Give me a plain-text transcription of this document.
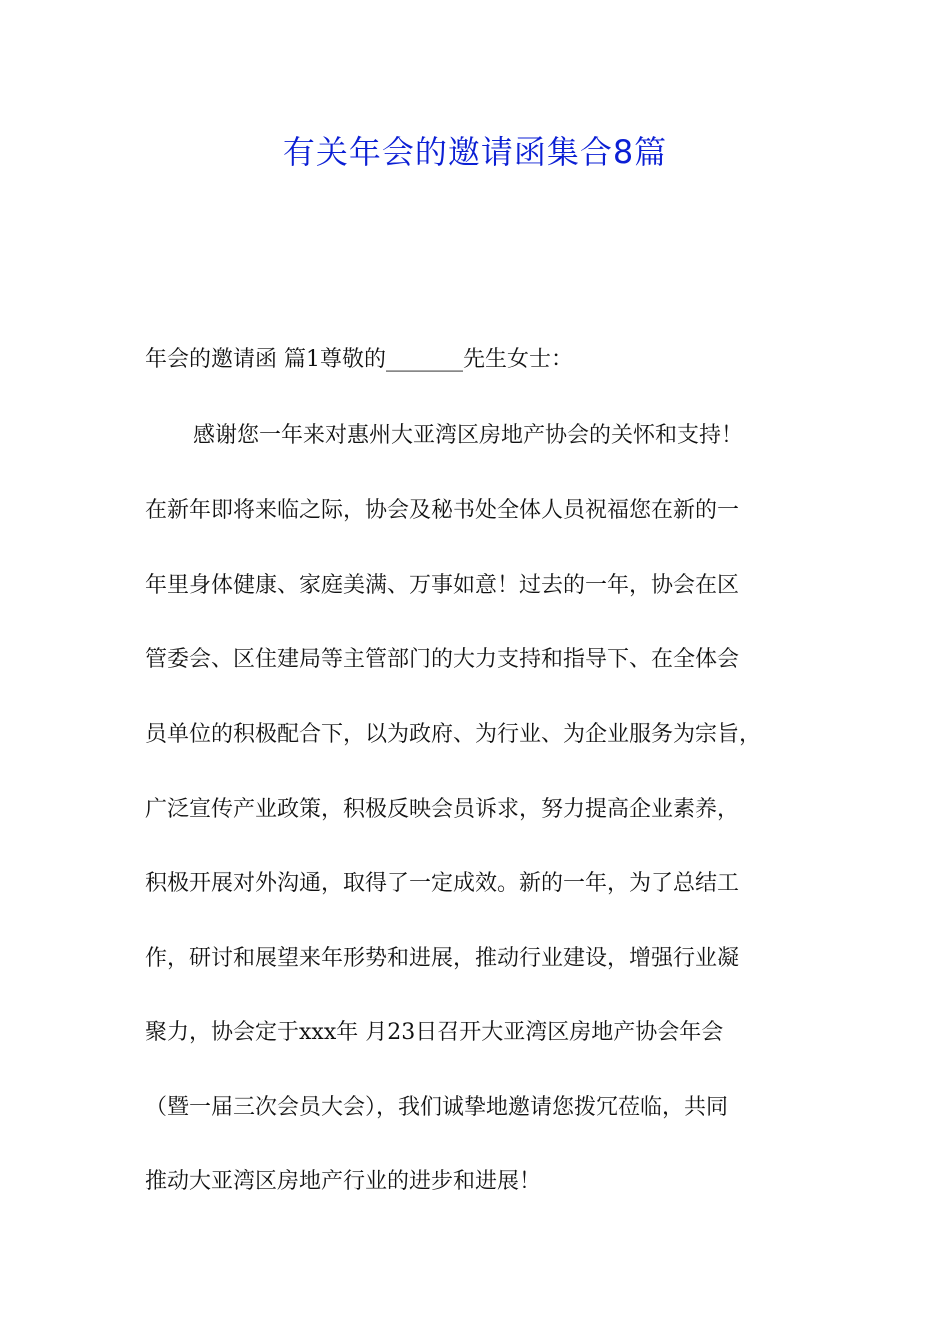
有关年会的邀请函集合8篇
年会的邀请函 篇1尊敬的_______先生女士：
感谢您一年来对惠州大亚湾区房地产协会的关怀和支持！
在新年即将来临之际，协会及秘书处全体人员祝福您在新的一
年里身体健康、家庭美满、万事如意！过去的一年，协会在区
管委会、区住建局等主管部门的大力支持和指导下、在全体会
员单位的积极配合下，以为政府、为行业、为企业服务为宗旨，
广泛宣传产业政策，积极反映会员诉求，努力提高企业素养，
积极开展对外沟通，取得了一定成效。新的一年，为了总结工
作，研讨和展望来年形势和进展，推动行业建设，增强行业凝
聚力，协会定于xxx年 月23日召开大亚湾区房地产协会年会
（暨一届三次会员大会），我们诚挚地邀请您拨冗莅临，共同
推动大亚湾区房地产行业的进步和进展！
